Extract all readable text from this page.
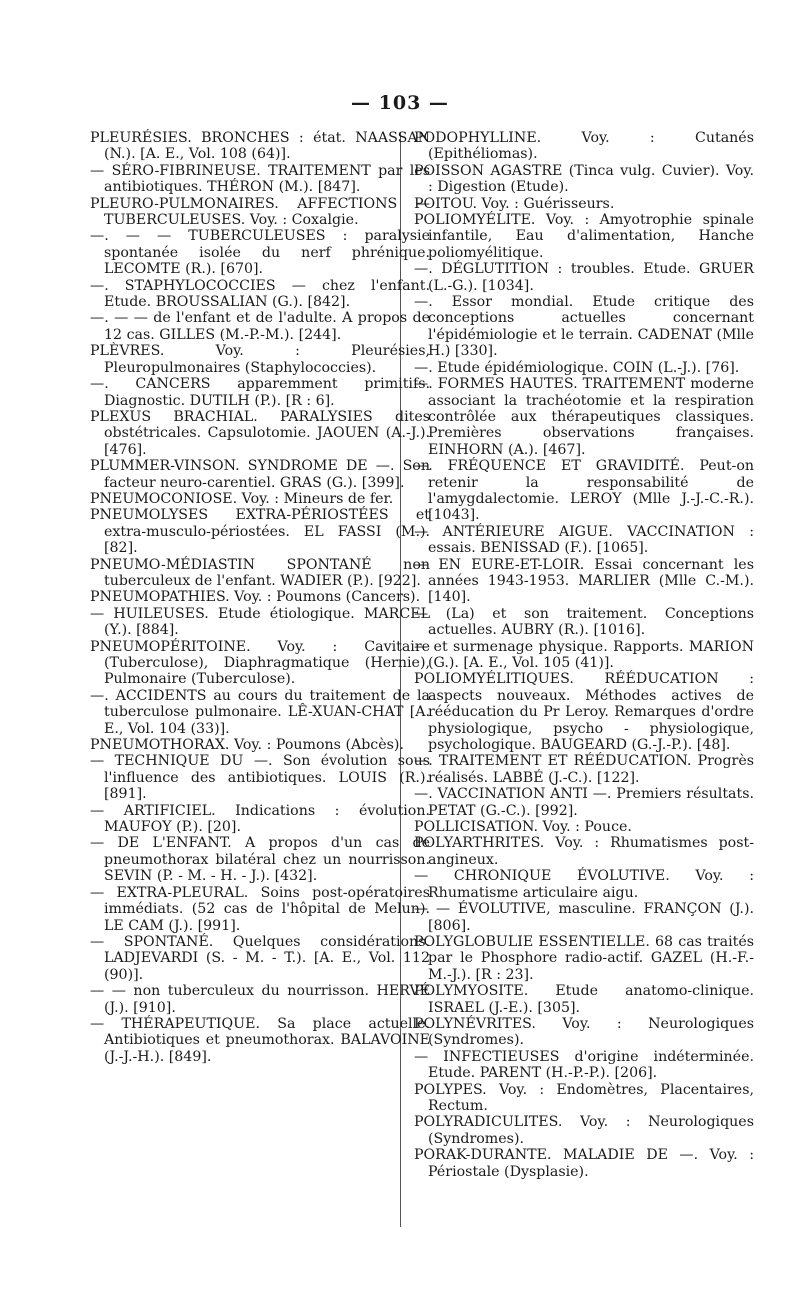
— 103 —

PLEURÉSIES. BRONCHES : état. NAASSAN (N.). [A. E., Vol. 108 (64)].

— SÉRO-FIBRINEUSE. TRAITEMENT par les antibiotiques. THÉRON (M.). [847].

PLEURO-PULMONAIRES. AFFECTIONS — TUBERCULEUSES. Voy. : Coxalgie.

—. — — TUBERCULEUSES : paralysie spontanée isolée du nerf phrénique. LECOMTE (R.). [670].

—. STAPHYLOCOCCIES — chez l'enfant. Etude. BROUSSALIAN (G.). [842].

—. — — de l'enfant et de l'adulte. A propos de 12 cas. GILLES (M.-P.-M.). [244].

PLÈVRES. Voy. : Pleurésies, Pleuropulmonaires (Staphylococcies).

—. CANCERS apparemment primitifs. Diagnostic. DUTILH (P.). [R : 6].

PLEXUS BRACHIAL. PARALYSIES dites obstétricales. Capsulotomie. JAOUEN (A.-J.). [476].

PLUMMER-VINSON. SYNDROME DE —. Son facteur neuro-carentiel. GRAS (G.). [399].

PNEUMOCONIOSE. Voy. : Mineurs de fer.

PNEUMOLYSES EXTRA-PÉRIOSTÉES et extra-musculo-périostées. EL FASSI (M.). [82].

PNEUMO-MÉDIASTIN SPONTANÉ non tuberculeux de l'enfant. WADIER (P.). [922].

PNEUMOPATHIES. Voy. : Poumons (Cancers).

— HUILEUSES. Etude étiologique. MARCEL (Y.). [884].

PNEUMOPÉRITOINE. Voy. : Cavitaire (Tuberculose), Diaphragmatique (Hernie), Pulmonaire (Tuberculose).

—. ACCIDENTS au cours du traitement de la tuberculose pulmonaire. LÊ-XUAN-CHAT [A. E., Vol. 104 (33)].

PNEUMOTHORAX. Voy. : Poumons (Abcès).

— TECHNIQUE DU —. Son évolution sous l'influence des antibiotiques. LOUIS (R.). [891].

— ARTIFICIEL. Indications : évolution. MAUFOY (P.). [20].

— DE L'ENFANT. A propos d'un cas de pneumothorax bilatéral chez un nourrisson. SEVIN (P. - M. - H. - J.). [432].

— EXTRA-PLEURAL. Soins post-opératoires immédiats. (52 cas de l'hôpital de Melun). LE CAM (J.). [991].

— SPONTANÉ. Quelques considérations. LADJEVARDI (S. - M. - T.). [A. E., Vol. 112 (90)].

— — non tuberculeux du nourrisson. HERVÉ (J.). [910].

— THÉRAPEUTIQUE. Sa place actuelle. Antibiotiques et pneumothorax. BALAVOINE (J.-J.-H.). [849].

PODOPHYLLINE. Voy. : Cutanés (Epithéliomas).

POISSON AGASTRE (Tinca vulg. Cuvier). Voy. : Digestion (Etude).

POITOU. Voy. : Guérisseurs.

POLIOMYÉLITE. Voy. : Amyotrophie spinale infantile, Eau d'alimentation, Hanche poliomyélitique.

—. DÉGLUTITION : troubles. Etude. GRUER (L.-G.). [1034].

—. Essor mondial. Etude critique des conceptions actuelles concernant l'épidémiologie et le terrain. CADENAT (Mlle H.) [330].

—. Etude épidémiologique. COIN (L.-J.). [76].

—. FORMES HAUTES. TRAITEMENT moderne associant la trachéotomie et la respiration contrôlée aux thérapeutiques classiques. Premières observations françaises. EINHORN (A.). [467].

—. FRÉQUENCE ET GRAVIDITÉ. Peut-on retenir la responsabilité de l'amygdalectomie. LEROY (Mlle J.-J.-C.-R.). [1043].

— ANTÉRIEURE AIGUE. VACCINATION : essais. BENISSAD (F.). [1065].

— EN EURE-ET-LOIR. Essai concernant les années 1943-1953. MARLIER (Mlle C.-M.). [140].

— (La) et son traitement. Conceptions actuelles. AUBRY (R.). [1016].

— et surmenage physique. Rapports. MARION (G.). [A. E., Vol. 105 (41)].

POLIOMYÉLITIQUES. RÉÉDUCATION : aspects nouveaux. Méthodes actives de rééducation du Pr Leroy. Remarques d'ordre physiologique, psycho - physiologique, psychologique. BAUGEARD (G.-J.-P.). [48].

—. TRAITEMENT ET RÉÉDUCATION. Progrès réalisés. LABBÉ (J.-C.). [122].

—. VACCINATION ANTI —. Premiers résultats. PETAT (G.-C.). [992].

POLLICISATION. Voy. : Pouce.

POLYARTHRITES. Voy. : Rhumatismes post-angineux.

— CHRONIQUE ÉVOLUTIVE. Voy. : Rhumatisme articulaire aigu.

— — ÉVOLUTIVE, masculine. FRANÇON (J.). [806].

POLYGLOBULIE ESSENTIELLE. 68 cas traités par le Phosphore radio-actif. GAZEL (H.-F.-M.-J.). [R : 23].

POLYMYOSITE. Etude anatomo-clinique. ISRAEL (J.-E.). [305].

POLYNÉVRITES. Voy. : Neurologiques (Syndromes).

— INFECTIEUSES d'origine indéterminée. Etude. PARENT (H.-P.-P.). [206].

POLYPES. Voy. : Endomètres, Placentaires, Rectum.

POLYRADICULITES. Voy. : Neurologiques (Syndromes).

PORAK-DURANTE. MALADIE DE —. Voy. : Périostale (Dysplasie).
